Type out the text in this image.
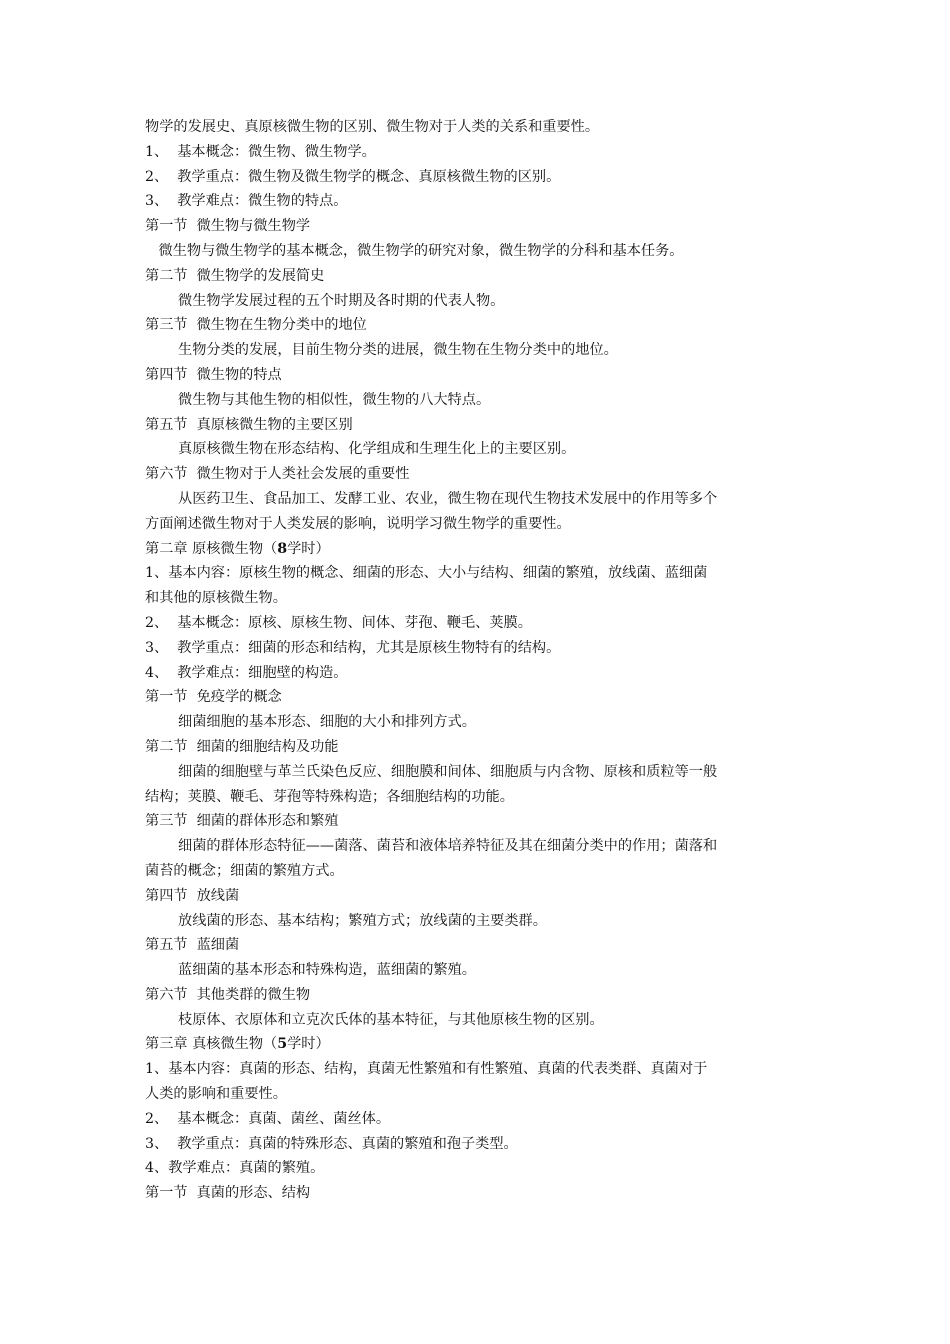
物学的发展史、真原核微生物的区别、微生物对于人类的关系和重要性。
1、  基本概念：微生物、微生物学。
2、  教学重点：微生物及微生物学的概念、真原核微生物的区别。
3、  教学难点：微生物的特点。
第一节  微生物与微生物学
微生物与微生物学的基本概念，微生物学的研究对象，微生物学的分科和基本任务。
第二节  微生物学的发展简史
微生物学发展过程的五个时期及各时期的代表人物。
第三节  微生物在生物分类中的地位
生物分类的发展，目前生物分类的进展，微生物在生物分类中的地位。
第四节  微生物的特点
微生物与其他生物的相似性，微生物的八大特点。
第五节  真原核微生物的主要区别
真原核微生物在形态结构、化学组成和生理生化上的主要区别。
第六节  微生物对于人类社会发展的重要性
从医药卫生、食品加工、发酵工业、农业，微生物在现代生物技术发展中的作用等多个
方面阐述微生物对于人类发展的影响，说明学习微生物学的重要性。
第二章 原核微生物（8学时）
1、基本内容：原核生物的概念、细菌的形态、大小与结构、细菌的繁殖，放线菌、蓝细菌
和其他的原核微生物。
2、  基本概念：原核、原核生物、间体、芽孢、鞭毛、荚膜。
3、  教学重点：细菌的形态和结构，尤其是原核生物特有的结构。
4、  教学难点：细胞壁的构造。
第一节  免疫学的概念
细菌细胞的基本形态、细胞的大小和排列方式。
第二节  细菌的细胞结构及功能
细菌的细胞壁与革兰氏染色反应、细胞膜和间体、细胞质与内含物、原核和质粒等一般
结构；荚膜、鞭毛、芽孢等特殊构造；各细胞结构的功能。
第三节  细菌的群体形态和繁殖
细菌的群体形态特征——菌落、菌苔和液体培养特征及其在细菌分类中的作用；菌落和
菌苔的概念；细菌的繁殖方式。
第四节  放线菌
放线菌的形态、基本结构；繁殖方式；放线菌的主要类群。
第五节  蓝细菌
蓝细菌的基本形态和特殊构造，蓝细菌的繁殖。
第六节  其他类群的微生物
枝原体、衣原体和立克次氏体的基本特征，与其他原核生物的区别。
第三章 真核微生物（5学时）
1、基本内容：真菌的形态、结构，真菌无性繁殖和有性繁殖、真菌的代表类群、真菌对于
人类的影响和重要性。
2、  基本概念：真菌、菌丝、菌丝体。
3、  教学重点：真菌的特殊形态、真菌的繁殖和孢子类型。
4、教学难点：真菌的繁殖。
第一节  真菌的形态、结构
